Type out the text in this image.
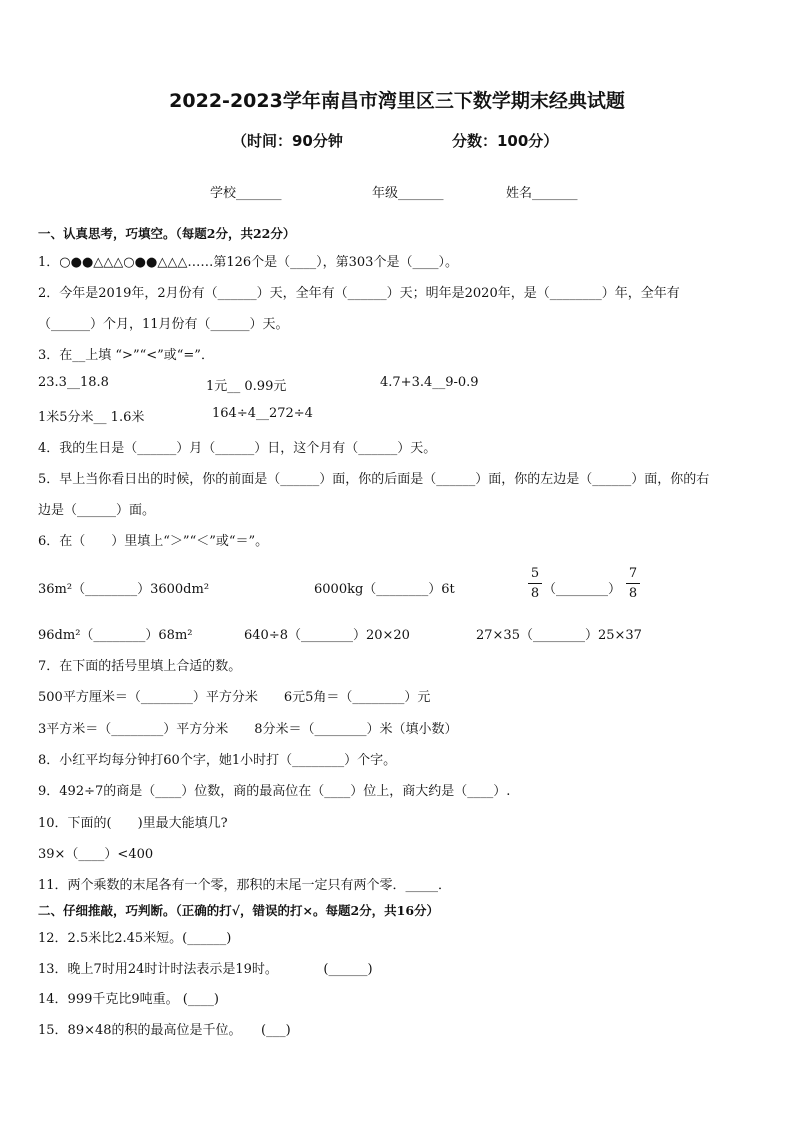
2022-2023学年南昌市湾里区三下数学期末经典试题
（时间：90分钟	分数：100分）
学校_______	年级_______	姓名_______
一、认真思考，巧填空。（每题2分，共22分）
1．○●●△△△○●●△△△……第126个是（____），第303个是（____）。
2．今年是2019年，2月份有（______）天，全年有（______）天；明年是2020年，是（________）年，全年有
（______）个月，11月份有（______）天。
3．在__上填 “>”“<”或“=”．
23.3__18.8	1元__ 0.99元	4.7+3.4__9-0.9
1米5分米__ 1.6米	164÷4__272÷4
4．我的生日是（______）月（______）日，这个月有（______）天。
5．早上当你看日出的时候，你的前面是（______）面，你的后面是（______）面，你的左边是（______）面，你的右
边是（______）面。
6．在（　　）里填上“＞”“＜”或“＝”。
36m²（________）3600dm²	6000kg（________）6t	$\frac{5}{8}$ （________） $\frac{7}{8}$
96dm²（________）68m²	640÷8（________）20×20	27×35（________）25×37
7．在下面的括号里填上合适的数。
500平方厘米＝（________）平方分米　　6元5角＝（________）元
3平方米＝（________）平方分米　　8分米＝（________）米（填小数）
8．小红平均每分钟打60个字，她1小时打（________）个字。
9．492÷7的商是（____）位数，商的最高位在（____）位上，商大约是（____）.
10．下面的(　　)里最大能填几?
39×（____）<400
11．两个乘数的末尾各有一个零，那积的末尾一定只有两个零．_____．
二、仔细推敲，巧判断。（正确的打√，错误的打×。每题2分，共16分）
12．2.5米比2.45米短。(______)
13．晚上7时用24时计时法表示是19时。　　　　(______)
14．999千克比9吨重。 (____)
15．89×48的积的最高位是千位。　　(___)
